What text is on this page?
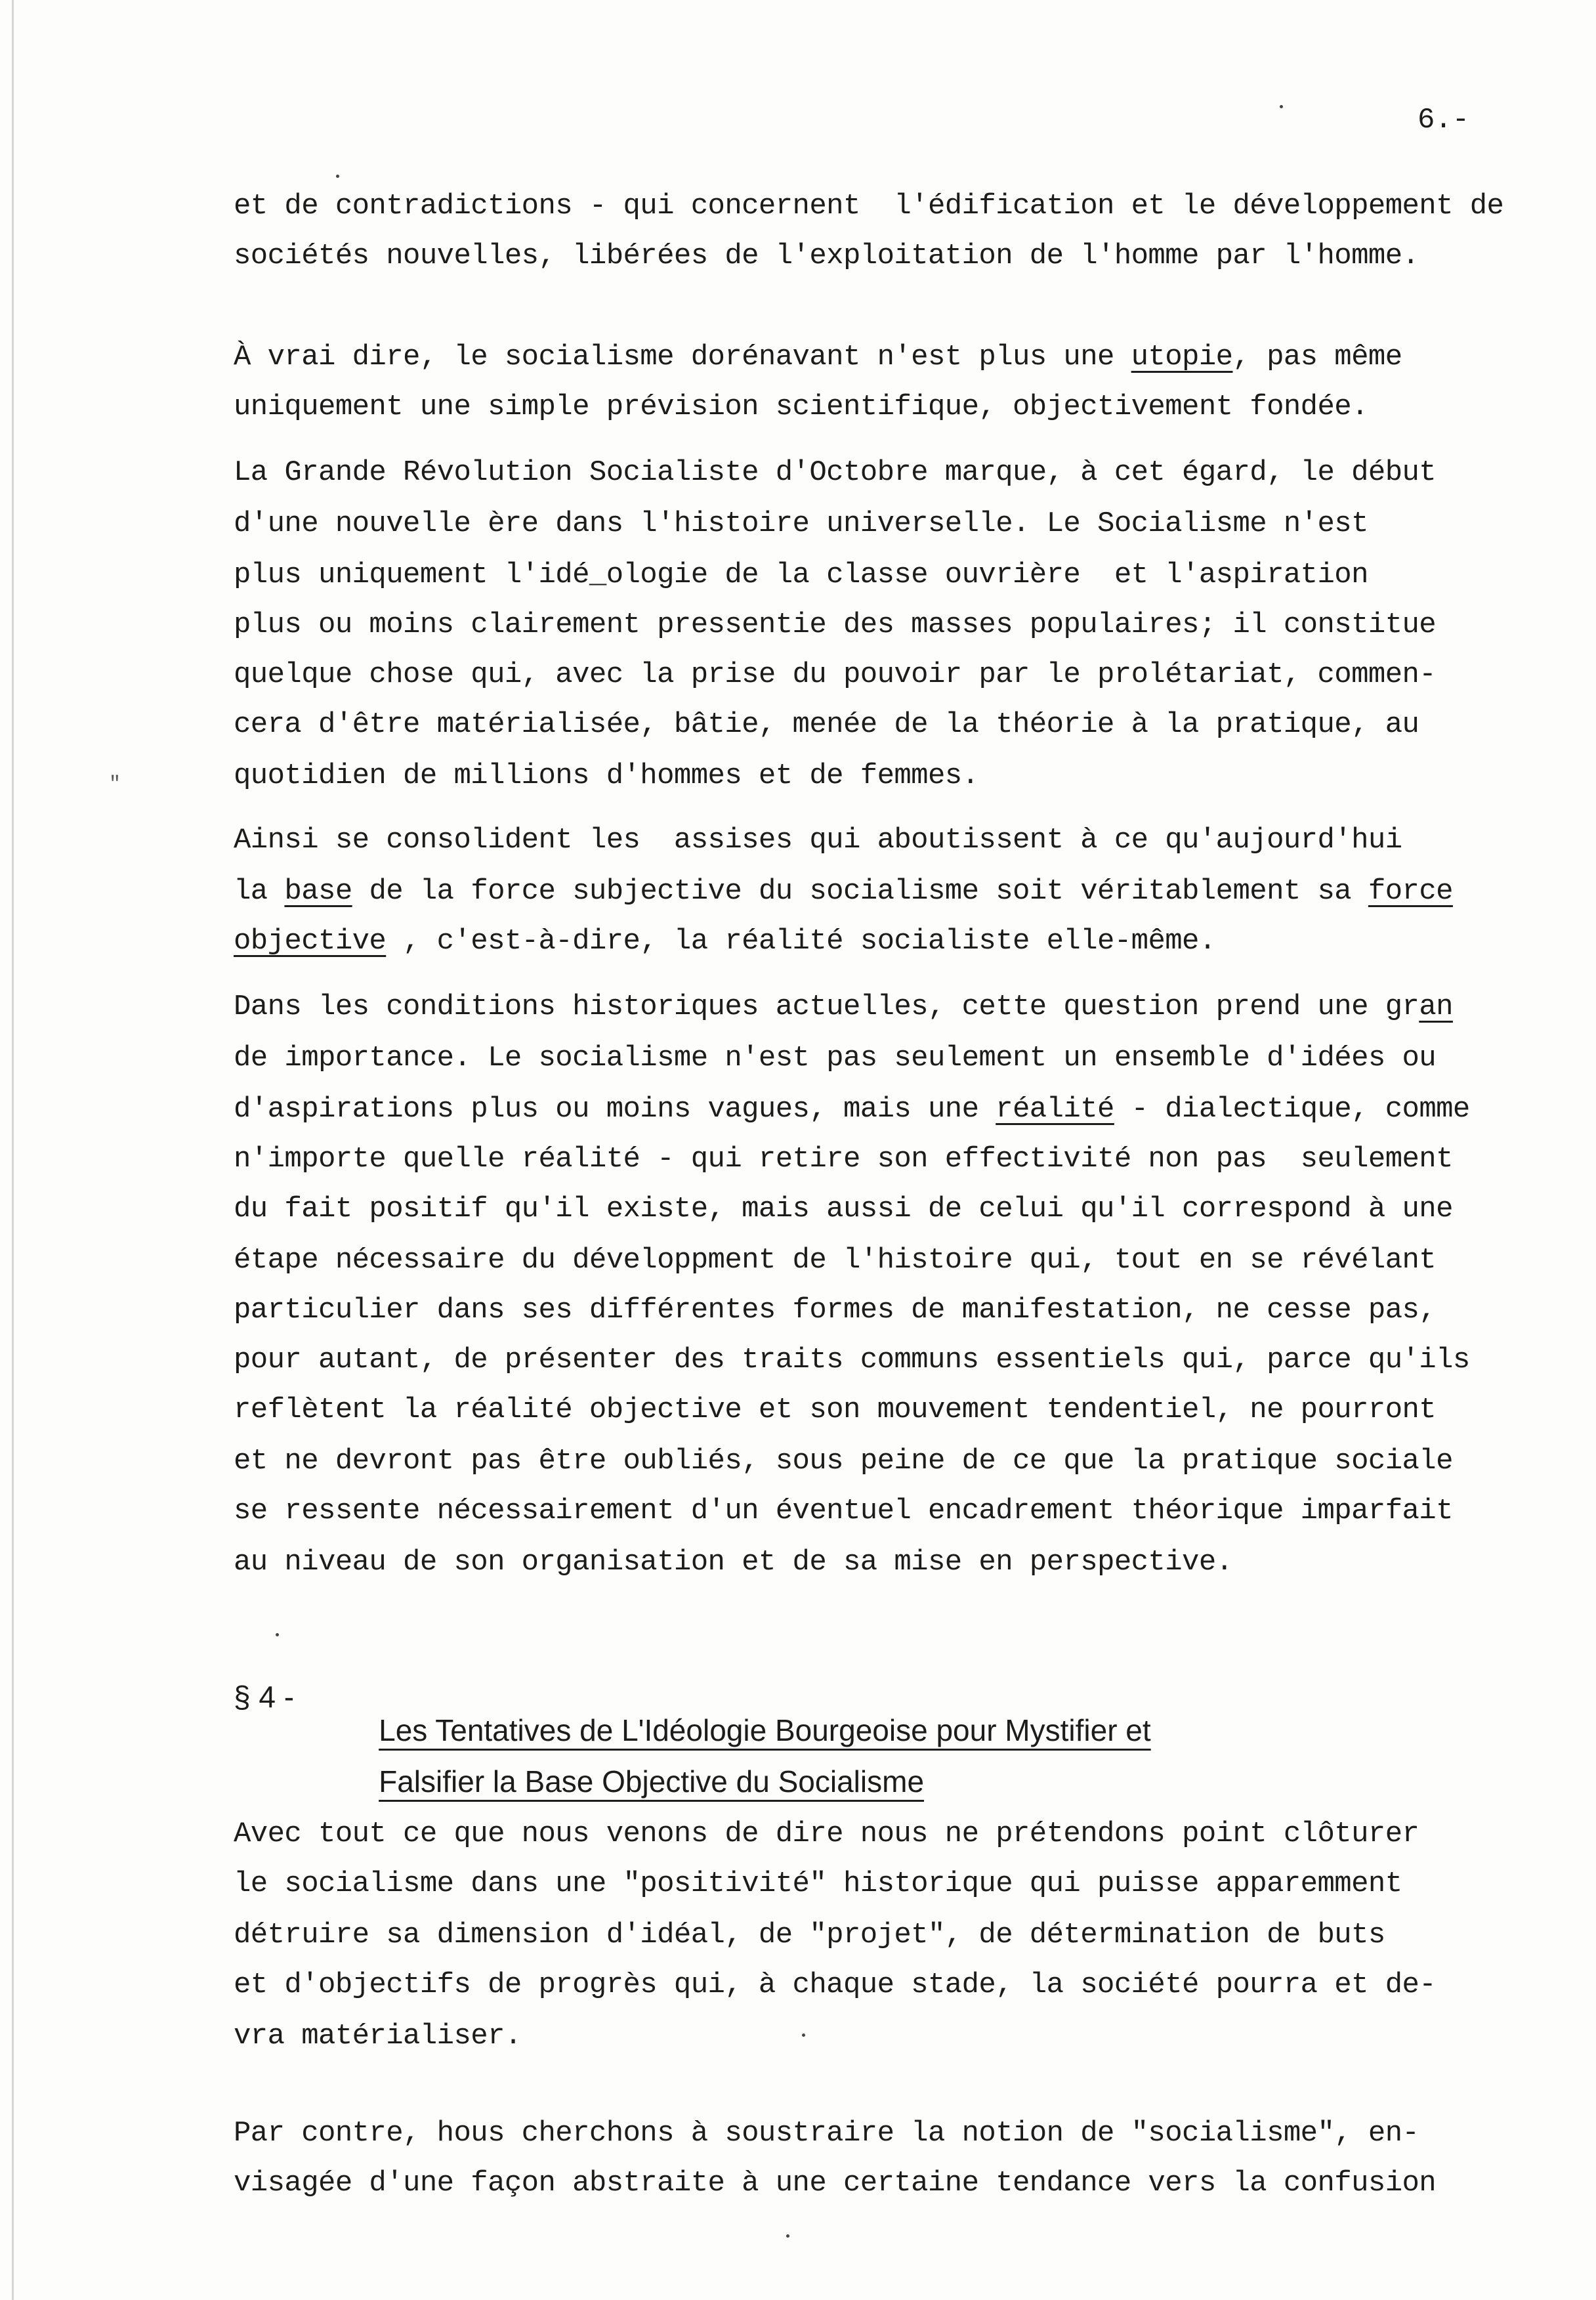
6.-
"
et de contradictions - qui concernent  l'édification et le développement de
sociétés nouvelles, libérées de l'exploitation de l'homme par l'homme.
À vrai dire, le socialisme dorénavant n'est plus une utopie, pas même
uniquement une simple prévision scientifique, objectivement fondée.
La Grande Révolution Socialiste d'Octobre marque, à cet égard, le début
d'une nouvelle ère dans l'histoire universelle. Le Socialisme n'est
plus uniquement l'idé_ologie de la classe ouvrière  et l'aspiration
plus ou moins clairement pressentie des masses populaires; il constitue
quelque chose qui, avec la prise du pouvoir par le prolétariat, commen-
cera d'être matérialisée, bâtie, menée de la théorie à la pratique, au
quotidien de millions d'hommes et de femmes.
Ainsi se consolident les  assises qui aboutissent à ce qu'aujourd'hui
la base de la force subjective du socialisme soit véritablement sa force
objective , c'est-à-dire, la réalité socialiste elle-même.
Dans les conditions historiques actuelles, cette question prend une gran
de importance. Le socialisme n'est pas seulement un ensemble d'idées ou
d'aspirations plus ou moins vagues, mais une réalité - dialectique, comme
n'importe quelle réalité - qui retire son effectivité non pas  seulement
du fait positif qu'il existe, mais aussi de celui qu'il correspond à une
étape nécessaire du développment de l'histoire qui, tout en se révélant
particulier dans ses différentes formes de manifestation, ne cesse pas,
pour autant, de présenter des traits communs essentiels qui, parce qu'ils
reflètent la réalité objective et son mouvement tendentiel, ne pourront
et ne devront pas être oubliés, sous peine de ce que la pratique sociale
se ressente nécessairement d'un éventuel encadrement théorique imparfait
au niveau de son organisation et de sa mise en perspective.
§ 4 -

Les Tentatives de L'Idéologie Bourgeoise pour Mystifier et

Falsifier la Base Objective du Socialisme

Avec tout ce que nous venons de dire nous ne prétendons point clôturer
le socialisme dans une "positivité" historique qui puisse apparemment
détruire sa dimension d'idéal, de "projet", de détermination de buts
et d'objectifs de progrès qui, à chaque stade, la société pourra et de-
vra matérialiser.
Par contre, hous cherchons à soustraire la notion de "socialisme", en-
visagée d'une façon abstraite à une certaine tendance vers la confusion
